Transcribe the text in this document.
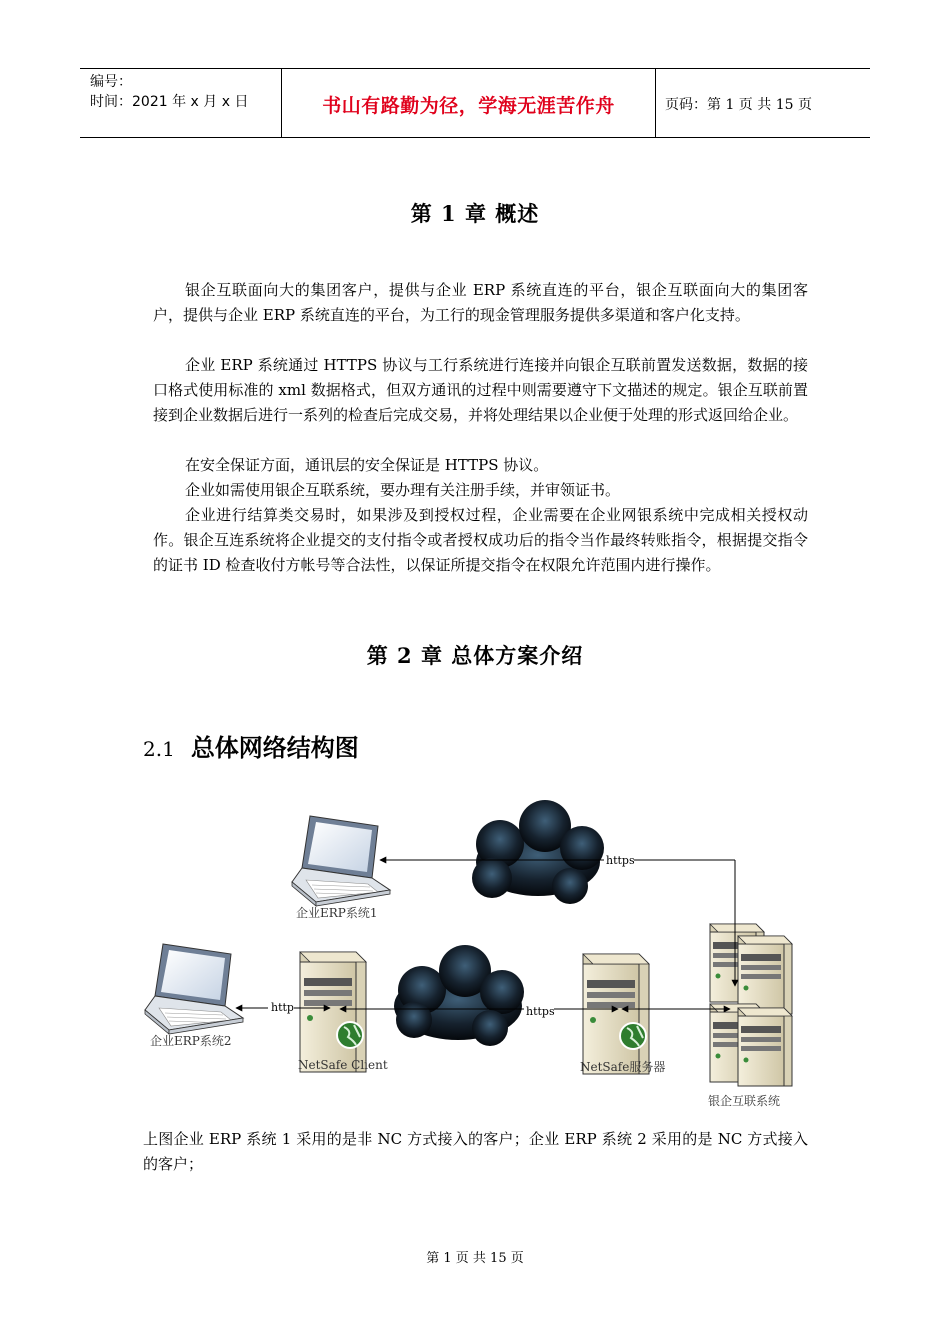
编号：
时间：2021 年 x 月 x 日	书山有路勤为径，学海无涯苦作舟	页码：第 1 页 共 15 页
第 1 章 概述

银企互联面向大的集团客户，提供与企业 ERP 系统直连的平台，银企互联面向大的集团客户，提供与企业 ERP 系统直连的平台，为工行的现金管理服务提供多渠道和客户化支持。

企业 ERP 系统通过 HTTPS 协议与工行系统进行连接并向银企互联前置发送数据，数据的接口格式使用标准的 xml 数据格式，但双方通讯的过程中则需要遵守下文描述的规定。银企互联前置接到企业数据后进行一系列的检查后完成交易，并将处理结果以企业便于处理的形式返回给企业。

在安全保证方面，通讯层的安全保证是 HTTPS 协议。

企业如需使用银企互联系统，要办理有关注册手续，并审领证书。

企业进行结算类交易时，如果涉及到授权过程，企业需要在企业网银系统中完成相关授权动作。银企互连系统将企业提交的支付指令或者授权成功后的指令当作最终转账指令，根据提交指令的证书 ID 检查收付方帐号等合法性，以保证所提交指令在权限允许范围内进行操作。

第 2 章 总体方案介绍
2.1 总体网络结构图
https
https
http
企业ERP系统1
企业ERP系统2
NetSafe Client	NetSafe服务器
银企互联系统

上图企业 ERP 系统 1 采用的是非 NC 方式接入的客户；企业 ERP 系统 2 采用的是 NC 方式接入的客户；

第 1 页 共 15 页
